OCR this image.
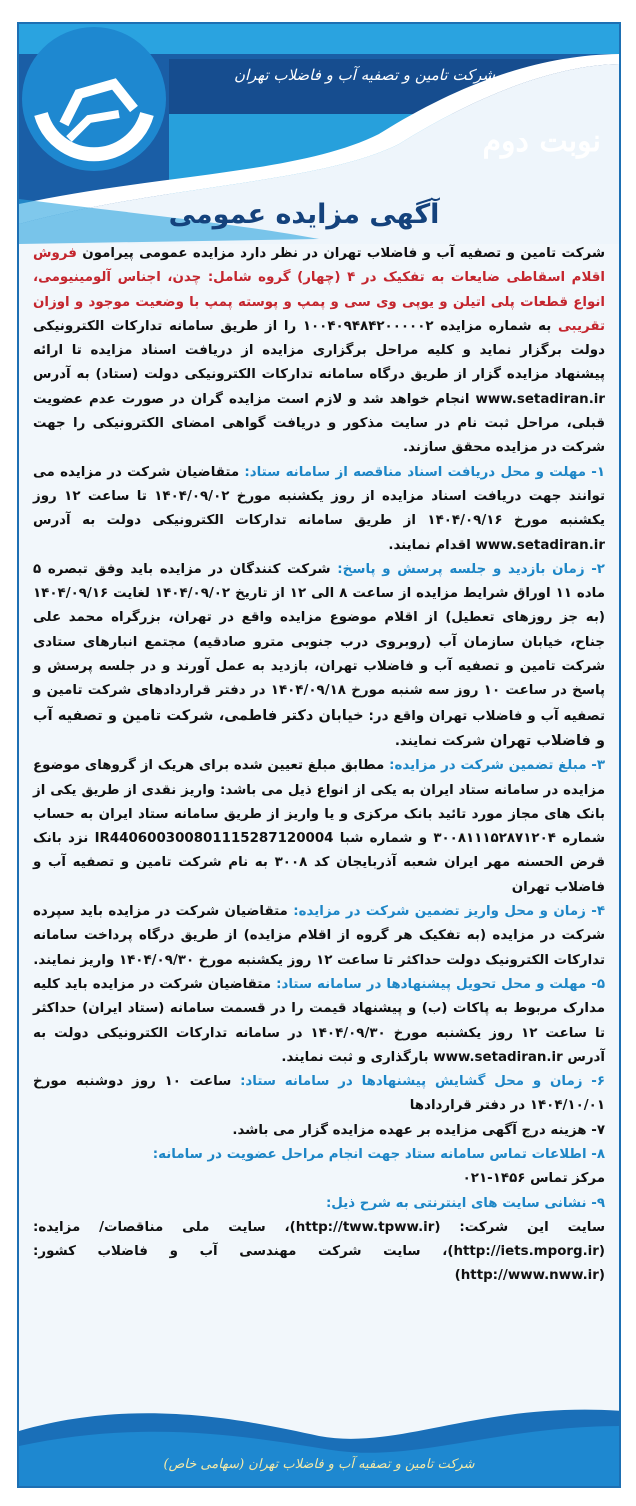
شرکت تامین و تصفیه آب و فاضلاب تهران
نوبت دوم
آگهی مزایده عمومی

شرکت تامین و تصفیه آب و فاضلاب تهران در نظر دارد مزایده عمومی پیرامون فروش اقلام اسقاطی ضایعات به تفکیک در ۴ (چهار) گروه شامل: چدن، اجناس آلومینیومی، انواع قطعات پلی اتیلن و یوپی وی سی و پمپ و پوسته پمپ با وضعیت موجود و اوزان تقریبی به شماره مزایده ۱۰۰۴۰۹۴۸۴۲۰۰۰۰۰۲ را از طریق سامانه تدارکات الکترونیکی دولت برگزار نماید و کلیه مراحل برگزاری مزایده از دریافت اسناد مزایده تا ارائه پیشنهاد مزایده گزار از طریق درگاه سامانه تدارکات الکترونیکی دولت (ستاد) به آدرس www.setadiran.ir انجام خواهد شد و لازم است مزایده گران در صورت عدم عضویت قبلی، مراحل ثبت نام در سایت مذکور و دریافت گواهی امضای الکترونیکی را جهت شرکت در مزایده محقق سازند.

۱- مهلت و محل دریافت اسناد مناقصه از سامانه ستاد: متقاضیان شرکت در مزایده می توانند جهت دریافت اسناد مزایده از روز یکشنبه مورخ ۱۴۰۴/۰۹/۰۲ تا ساعت ۱۲ روز یکشنبه مورخ ۱۴۰۴/۰۹/۱۶ از طریق سامانه تدارکات الکترونیکی دولت به آدرس www.setadiran.ir اقدام نمایند.

۲- زمان بازدید و جلسه پرسش و پاسخ: شرکت کنندگان در مزایده باید وفق تبصره ۵ ماده ۱۱ اوراق شرایط مزایده از ساعت ۸ الی ۱۲ از تاریخ ۱۴۰۴/۰۹/۰۲ لغایت ۱۴۰۴/۰۹/۱۶ (به جز روزهای تعطیل) از اقلام موضوع مزایده واقع در تهران، بزرگراه محمد علی جناح، خیابان سازمان آب (روبروی درب جنوبی مترو صادقیه) مجتمع انبارهای ستادی شرکت تامین و تصفیه آب و فاضلاب تهران، بازدید به عمل آورند و در جلسه پرسش و پاسخ در ساعت ۱۰ روز سه شنبه مورخ ۱۴۰۴/۰۹/۱۸ در دفتر قراردادهای شرکت تامین و تصفیه آب و فاضلاب تهران واقع در: خیابان دکتر فاطمی، شرکت تامین و تصفیه آب و فاضلاب تهران شرکت نمایند.

۳- مبلغ تضمین شرکت در مزایده: مطابق مبلغ تعیین شده برای هریک از گروهای موضوع مزایده در سامانه ستاد ایران به یکی از انواع ذیل می باشد: واریز نقدی از طریق یکی از بانک های مجاز مورد تائید بانک مرکزی و یا واریز از طریق سامانه ستاد ایران به حساب شماره ۳۰۰۸۱۱۱۵۲۸۷۱۲۰۴ و شماره شبا IR440600300801115287120004 نزد بانک قرض الحسنه مهر ایران شعبه آذربایجان کد ۳۰۰۸ به نام شرکت تامین و تصفیه آب و فاضلاب تهران

۴- زمان و محل واریز تضمین شرکت در مزایده: متقاضیان شرکت در مزایده باید سپرده شرکت در مزایده (به تفکیک هر گروه از اقلام مزایده) از طریق درگاه پرداخت سامانه تدارکات الکترونیک دولت حداکثر تا ساعت ۱۲ روز یکشنبه مورخ ۱۴۰۴/۰۹/۳۰ واریز نمایند.

۵- مهلت و محل تحویل پیشنهادها در سامانه ستاد: متقاضیان شرکت در مزایده باید کلیه مدارک مربوط به پاکات (ب) و پیشنهاد قیمت را در قسمت سامانه (ستاد ایران) حداکثر تا ساعت ۱۲ روز یکشنبه مورخ ۱۴۰۴/۰۹/۳۰ در سامانه تدارکات الکترونیکی دولت به آدرس www.setadiran.ir بارگذاری و ثبت نمایند.

۶- زمان و محل گشایش پیشنهادها در سامانه ستاد: ساعت ۱۰ روز دوشنبه مورخ ۱۴۰۴/۱۰/۰۱ در دفتر قراردادها

۷- هزینه درج آگهی مزایده بر عهده مزایده گزار می باشد.

۸- اطلاعات تماس سامانه ستاد جهت انجام مراحل عضویت در سامانه:
مرکز تماس ۱۴۵۶-۰۲۱

۹- نشانی سایت های اینترنتی به شرح ذیل:
سایت این شرکت: (http://tww.tpww.ir)، سایت ملی مناقصات/ مزایده: (http://iets.mporg.ir)، سایت شرکت مهندسی آب و فاضلاب کشور: (http://www.nww.ir)

شرکت تامین و تصفیه آب و فاضلاب تهران (سهامی خاص)
